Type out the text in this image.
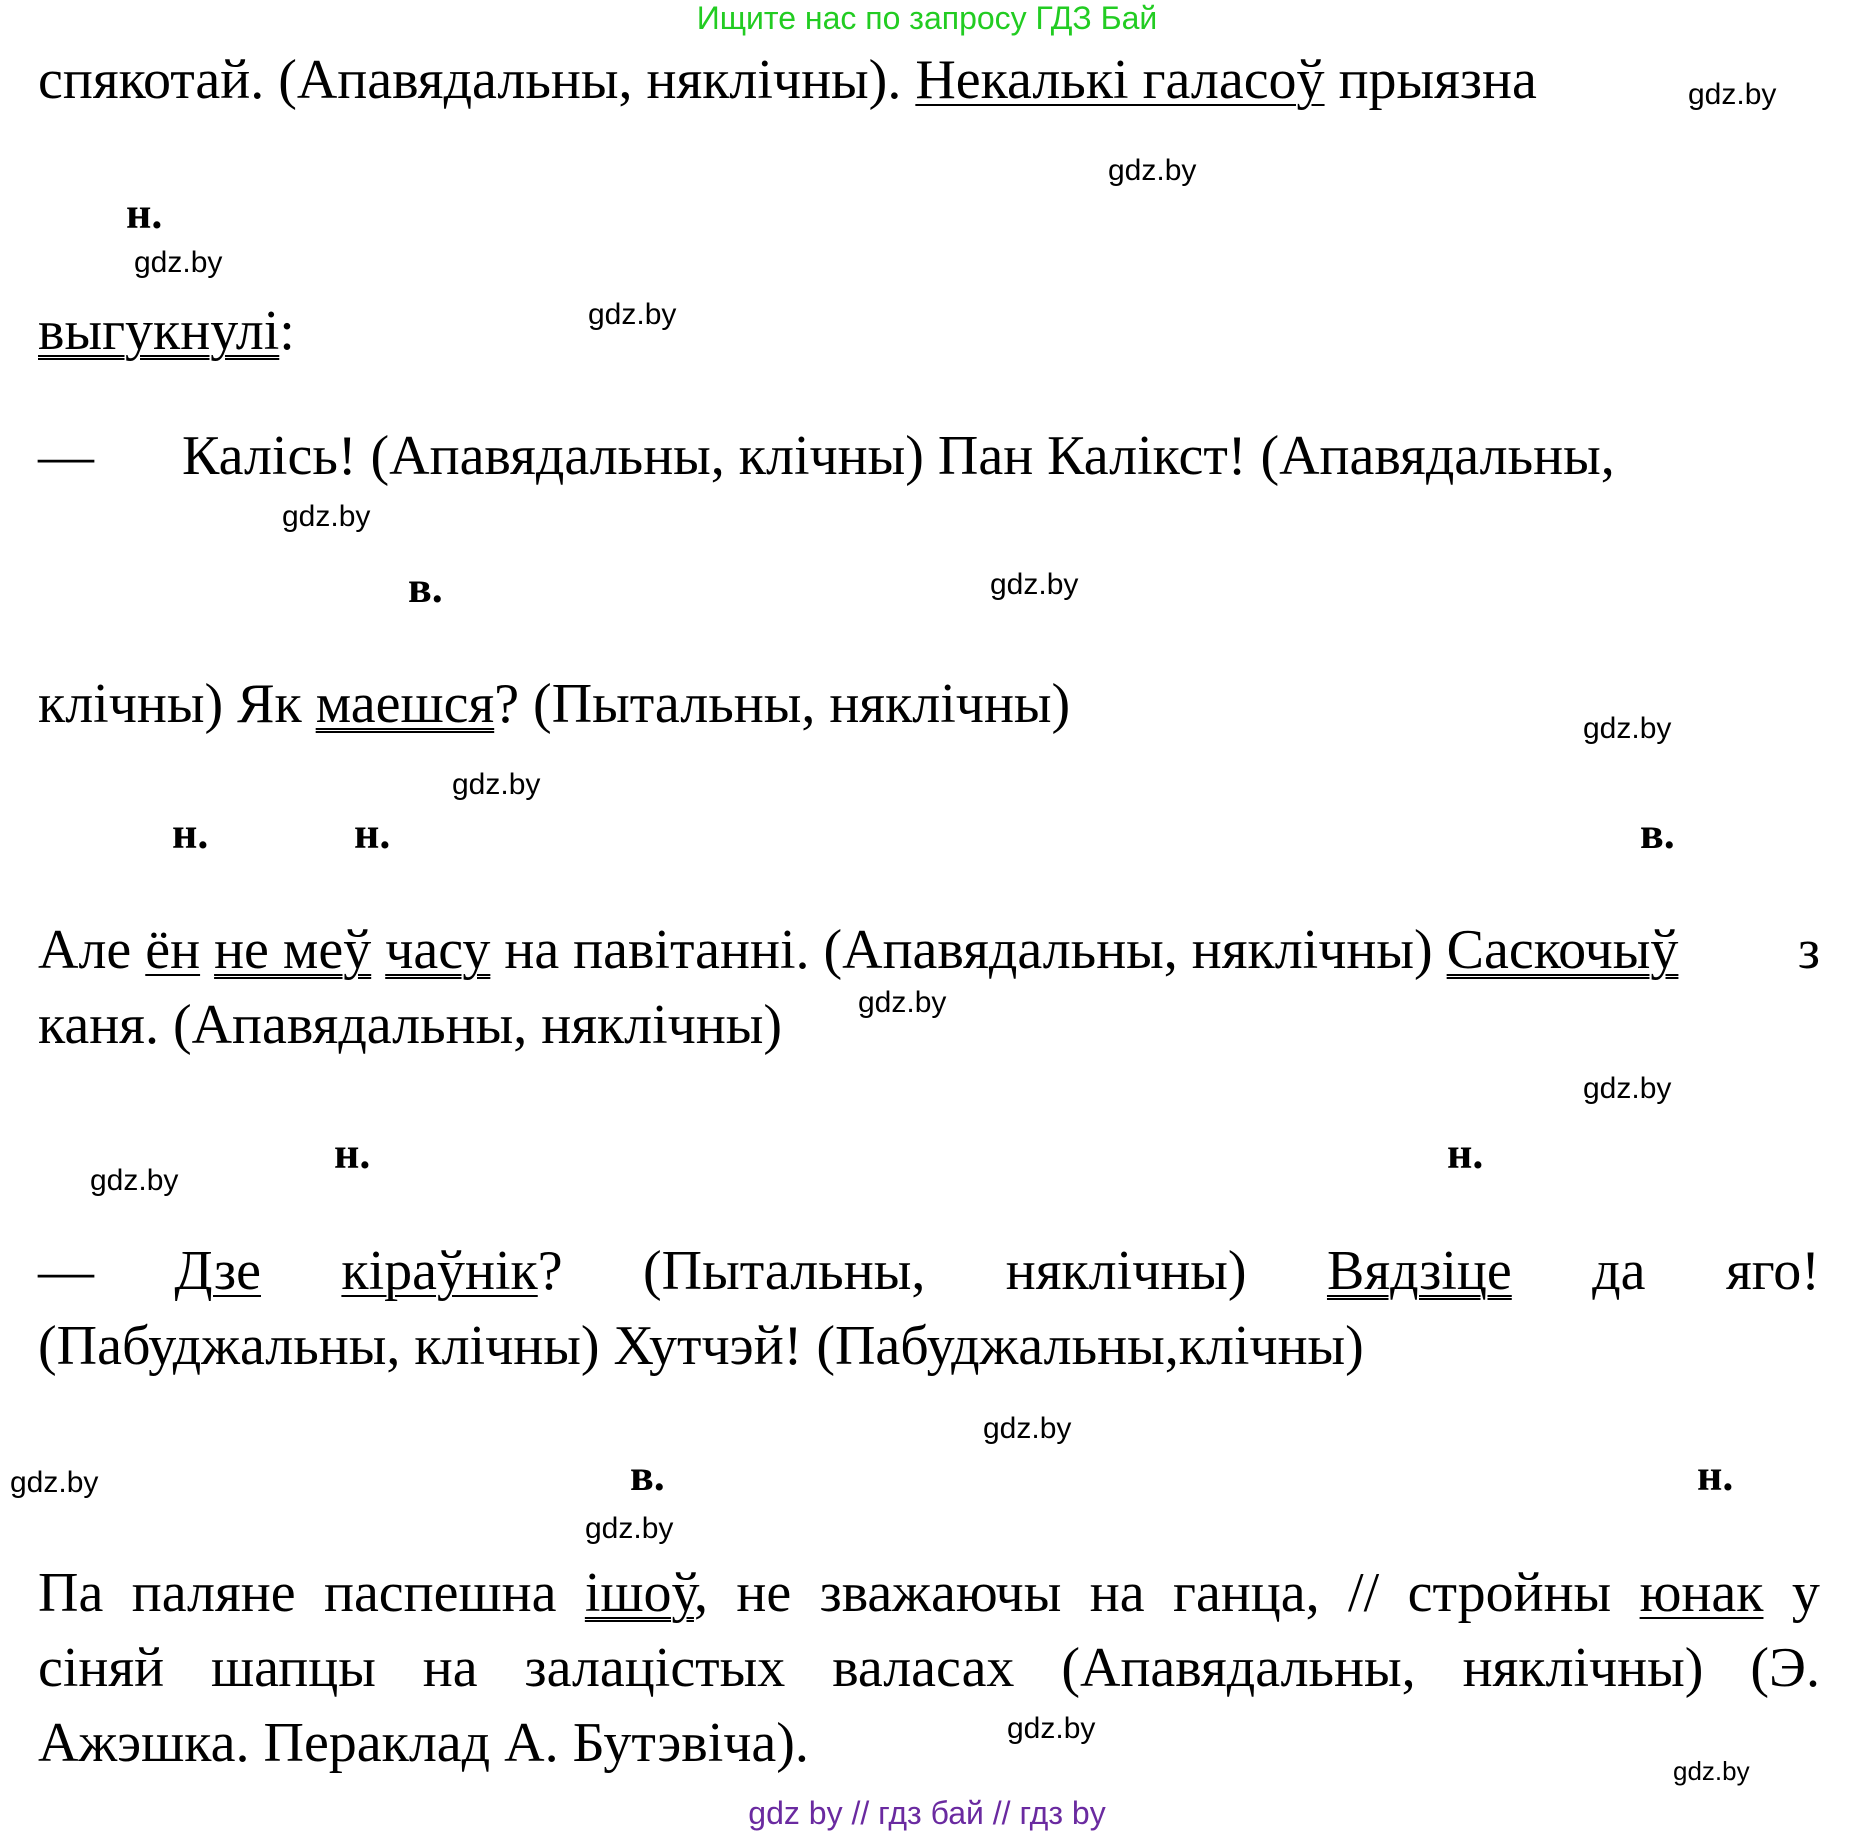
Ищите нас по запросу ГДЗ Бай
спякотай. (Апавядальны, няклічны). Некалькі галасоў прыязна
н.
выгукнулі:
— Калісь! (Апавядальны, клічны) Пан Калікст! (Апавядальны,
в.
клічны) Як маешся? (Пытальны, няклічны)
н.	н.	в.
Але ён не меў часу на павітанні. (Апавядальны, няклічны) Саскочыў з
каня. (Апавядальны, няклічны)
н.	н.
— Дзе кіраўнік? (Пытальны, няклічны) Вядзіце да яго!
(Пабуджальны, клічны) Хутчэй! (Пабуджальны,клічны)
в.	н.
Па паляне паспешна ішоў, не зважаючы на ганца, // стройны юнак у
сіняй шапцы на залацістых валасах (Апавядальны, няклічны) (Э.
Ажэшка. Пераклад А. Бутэвіча).
gdz.by
gdz.by
gdz.by
gdz.by
gdz.by
gdz.by
gdz.by
gdz.by
gdz.by
gdz.by
gdz.by
gdz.by
gdz.by
gdz.by
gdz.by
gdz.by
gdz by // гдз бай // гдз by
